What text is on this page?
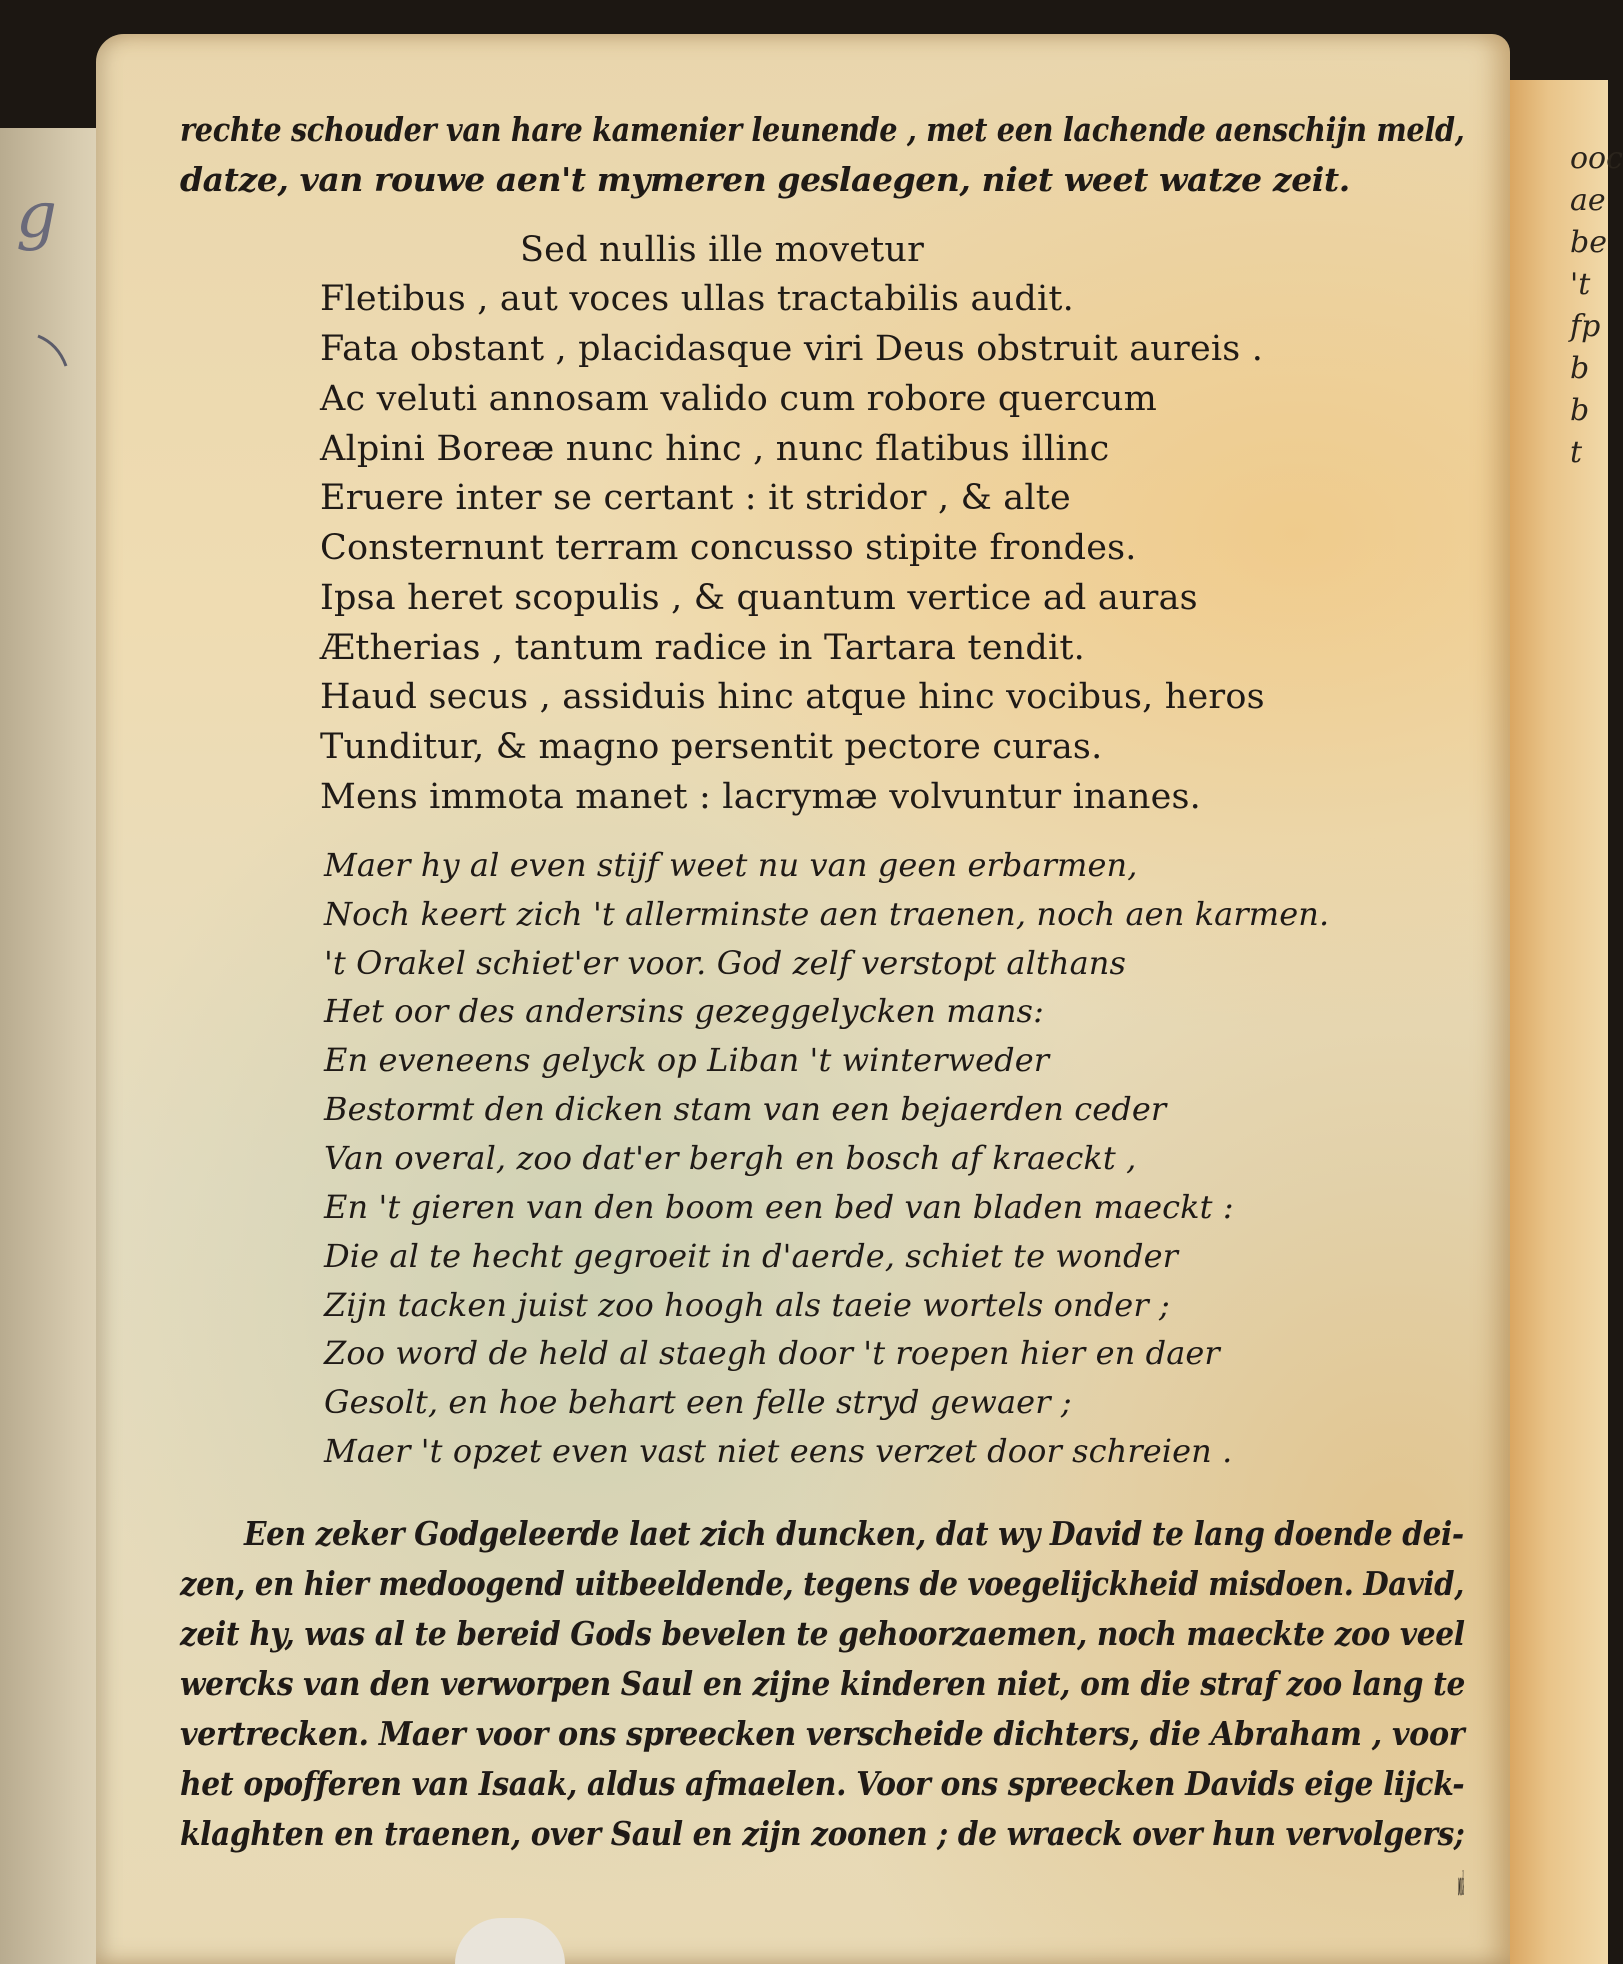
g
ooc
ae
be
't
fp
b
b
t
rechte schouder van hare kamenier leunende , met een lachende aenschijn meld,
datze, van rouwe aen't mymeren geslaegen, niet weet watze zeit.
Sed nullis ille movetur
Fletibus , aut voces ullas tractabilis audit.
Fata obstant , placidasque viri Deus obstruit aureis .
Ac veluti annosam valido cum robore quercum
Alpini Boreæ nunc hinc , nunc flatibus illinc
Eruere inter se certant : it stridor , & alte
Consternunt terram concusso stipite frondes.
Ipsa heret scopulis , & quantum vertice ad auras
Ætherias , tantum radice in Tartara tendit.
Haud secus , assiduis hinc atque hinc vocibus, heros
Tunditur, & magno persentit pectore curas.
Mens immota manet : lacrymæ volvuntur inanes.
Maer hy al even stijf weet nu van geen erbarmen,
Noch keert zich 't allerminste aen traenen, noch aen karmen.
't Orakel schiet'er voor. God zelf verstopt althans
Het oor des andersins gezeggelycken mans:
En eveneens gelyck op Liban 't winterweder
Bestormt den dicken stam van een bejaerden ceder
Van overal, zoo dat'er bergh en bosch af kraeckt ,
En 't gieren van den boom een bed van bladen maeckt :
Die al te hecht gegroeit in d'aerde, schiet te wonder
Zijn tacken juist zoo hoogh als taeie wortels onder ;
Zoo word de held al staegh door 't roepen hier en daer
Gesolt, en hoe behart een felle stryd gewaer ;
Maer 't opzet even vast niet eens verzet door schreien .
Een zeker Godgeleerde laet zich duncken, dat wy David te lang doende dei-
zen, en hier medoogend uitbeeldende, tegens de voegelijckheid misdoen. David,
zeit hy, was al te bereid Gods bevelen te gehoorzaemen, noch maeckte zoo veel
wercks van den verworpen Saul en zijne kinderen niet, om die straf zoo lang te
vertrecken. Maer voor ons spreecken verscheide dichters, die Abraham , voor
het opofferen van Isaak, aldus afmaelen. Voor ons spreecken Davids eige lijck-
klaghten en traenen, over Saul en zijn zoonen ; de wraeck over hun vervolgers;
oock
